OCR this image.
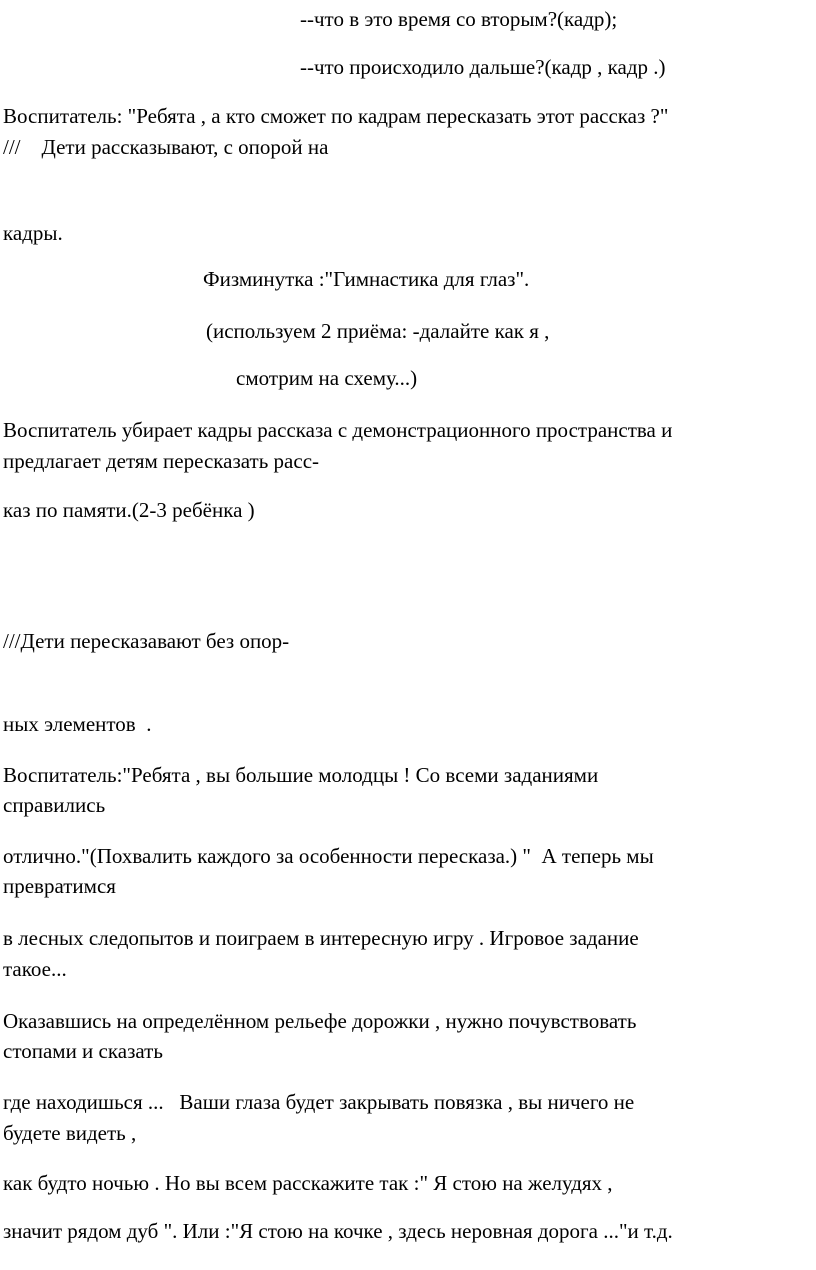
--что в это время со вторым?(кадр);

--что происходило дальше?(кадр , кадр .)

Воспитатель: "Ребята , а кто сможет по кадрам пересказать этот рассказ ?"

///    Дети рассказывают, с опорой на

кадры.

Физминутка :"Гимнастика для глаз".

(используем 2 приёма: -далайте как я ,

смотрим на схему...)

Воспитатель убирает кадры рассказа с демонстрационного пространства и

предлагает детям пересказать расс-

каз по памяти.(2-3 ребёнка )

///Дети пересказавают без опор-

ных элементов  .

Воспитатель:"Ребята , вы большие молодцы ! Со всеми заданиями

справились

отлично."(Похвалить каждого за особенности пересказа.) "  А теперь мы

превратимся

в лесных следопытов и поиграем в интересную игру . Игровое задание

такое...

Оказавшись на определённом рельефе дорожки , нужно почувствовать

стопами и сказать

где находишься ...   Ваши глаза будет закрывать повязка , вы ничего не

будете видеть ,

как будто ночью . Но вы всем расскажите так :" Я стою на желудях ,

значит рядом дуб ". Или :"Я стою на кочке , здесь неровная дорога ..."и т.д.
